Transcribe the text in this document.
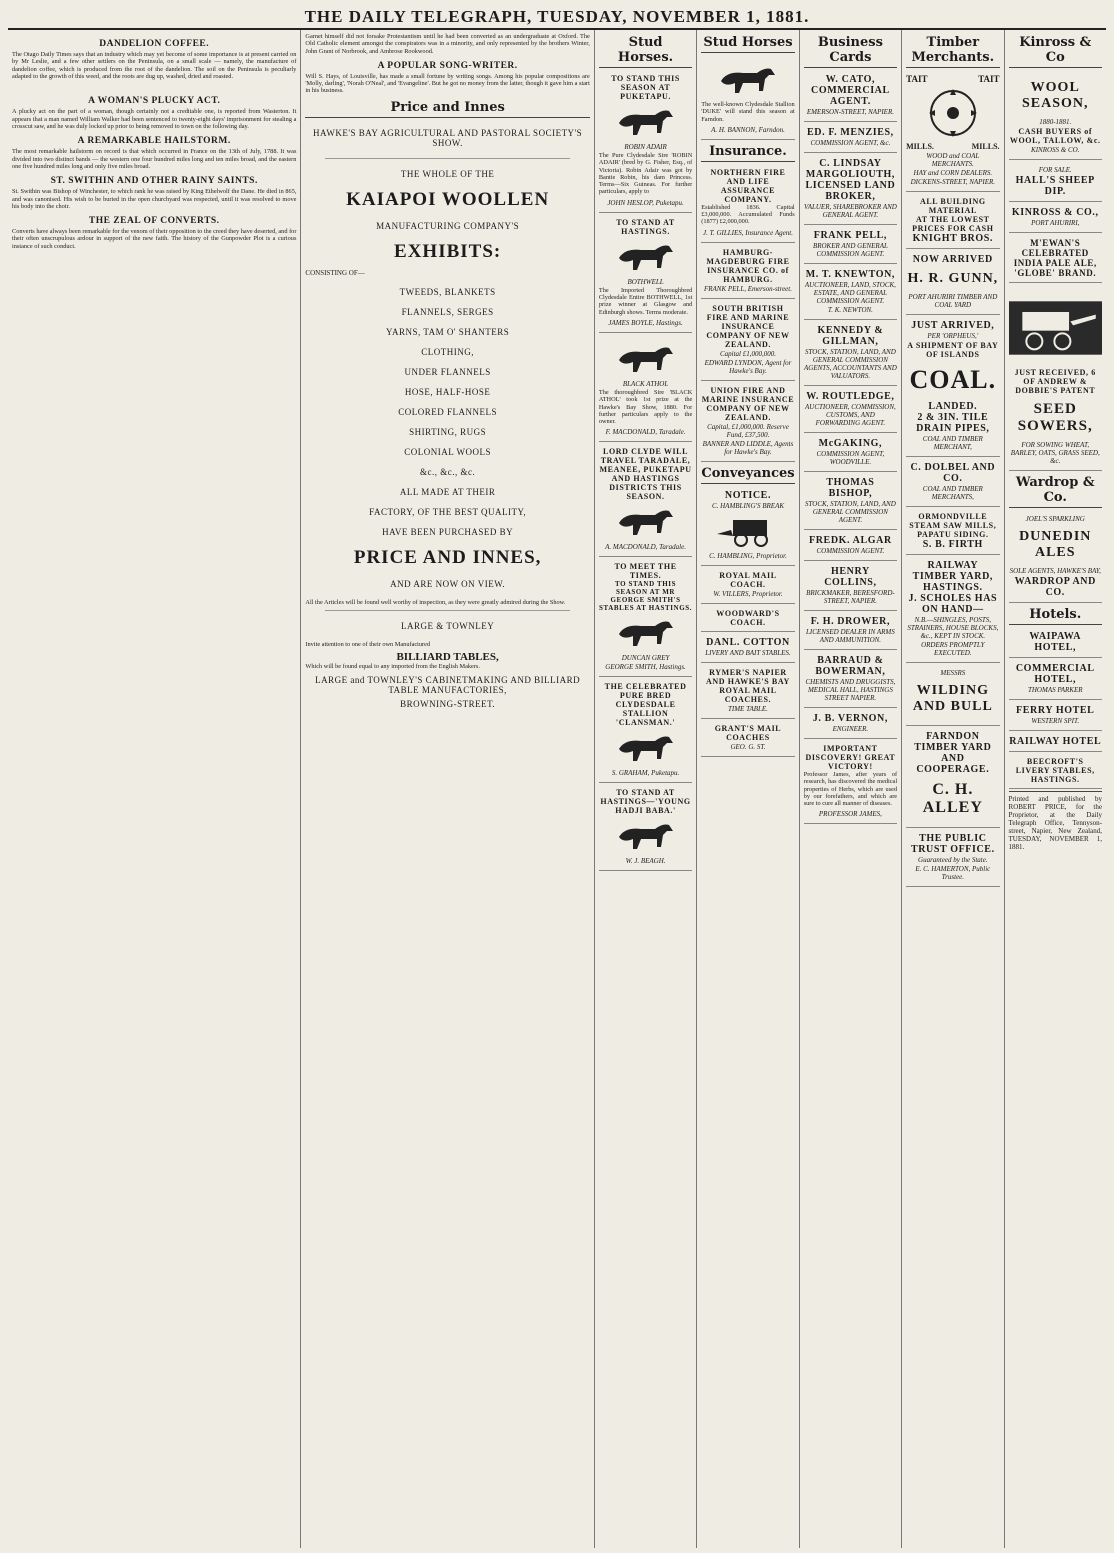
THE DAILY TELEGRAPH, TUESDAY, NOVEMBER 1, 1881.
DANDELION COFFEE.

The Otago Daily Times says that an industry which may yet become of some importance is at present carried on by Mr Leslie, and a few other settlers on the Peninsula, on a small scale — namely, the manufacture of dandelion coffee, which is produced from the root of the dandelion. The soil on the Peninsula is peculiarly adapted to the growth of this weed, and the roots are dug up, washed, dried and roasted.

A WOMAN'S PLUCKY ACT.

A plucky act on the part of a woman, though certainly not a creditable one, is reported from Wasterton. It appears that a man named William Walker had been sentenced to twenty-eight days' imprisonment for stealing a crosscut saw, and he was duly locked up prior to being removed to town on the following day.

A REMARKABLE HAILSTORM.

The most remarkable hailstorm on record is that which occurred in France on the 13th of July, 1788. It was divided into two distinct bands — the western one four hundred miles long and ten miles broad, and the eastern one five hundred miles long and only five miles broad.

ST. SWITHIN AND OTHER RAINY SAINTS.

St. Swithin was Bishop of Winchester, to which rank he was raised by King Ethelwolf the Dane. He died in 865, and was canonised. His wish to be buried in the open churchyard was respected, until it was resolved to move his body into the choir.

THE ZEAL OF CONVERTS.

Converts have always been remarkable for the venom of their opposition to the creed they have deserted, and for their often unscrupulous ardour in support of the new faith. The history of the Gunpowder Plot is a curious instance of such conduct.

Garnet himself did not forsake Protestantism until he had been converted as an undergraduate at Oxford. The Old Catholic element amongst the conspirators was in a minority, and only represented by the brothers Winter, John Grant of Norbrook, and Ambrose Rookwood.

A POPULAR SONG-WRITER.

Will S. Hays, of Louisville, has made a small fortune by writing songs. Among his popular compositions are 'Molly, darling', 'Norah O'Neal', and 'Evangeline'. But he got no money from the latter, though it gave him a start in his business.

Price and Innes
HAWKE'S BAY AGRICULTURAL AND PASTORAL SOCIETY'S SHOW.
THE WHOLE OF THE
KAIAPOI WOOLLEN
MANUFACTURING COMPANY'S
EXHIBITS:
CONSISTING OF—
TWEEDS, BLANKETS
FLANNELS, SERGES
YARNS, TAM O' SHANTERS
CLOTHING,
UNDER FLANNELS
HOSE, HALF-HOSE
COLORED FLANNELS
SHIRTING, RUGS
COLONIAL WOOLS
&c., &c., &c.
ALL MADE AT THEIR
FACTORY, OF THE BEST QUALITY,
HAVE BEEN PURCHASED BY
PRICE AND INNES,
AND ARE NOW ON VIEW.

All the Articles will be found well worthy of inspection, as they were greatly admired during the Show.

LARGE & TOWNLEY

Invite attention to one of their own Manufactured

BILLIARD TABLES,

Which will be found equal to any imported from the English Makers.

LARGE and TOWNLEY'S CABINETMAKING AND BILLIARD TABLE MANUFACTORIES,
BROWNING-STREET.
Stud Horses.
TO STAND THIS SEASON AT PUKETAPU.
ROBIN ADAIR

The Pure Clydesdale Sire 'ROBIN ADAIR' (bred by G. Fisher, Esq., of Victoria). Robin Adair was got by Bantie Robin, his dam Princess. Terms—Six Guineas. For further particulars, apply to

JOHN HESLOP, Puketapu.
TO STAND AT HASTINGS.
BOTHWELL

The Imported Thoroughbred Clydesdale Entire BOTHWELL, 1st prize winner at Glasgow and Edinburgh shows. Terms moderate.

JAMES BOYLE, Hastings.
BLACK ATHOL

The thoroughbred Sire 'BLACK ATHOL' took 1st prize at the Hawke's Bay Show, 1880. For further particulars apply to the owner.

F. MACDONALD, Taradale.
LORD CLYDE WILL TRAVEL TARADALE, MEANEE, PUKETAPU AND HASTINGS DISTRICTS THIS SEASON.
A. MACDONALD, Taradale.
TO MEET THE TIMES.
TO STAND THIS SEASON AT MR GEORGE SMITH'S STABLES AT HASTINGS.
DUNCAN GREY
GEORGE SMITH, Hastings.
THE CELEBRATED PURE BRED CLYDESDALE STALLION 'CLANSMAN.'
S. GRAHAM, Puketapu.
TO STAND AT HASTINGS—'YOUNG HADJI BABA.'
W. J. BEAGH.
Stud Horses

The well-known Clydesdale Stallion 'DUKE' will stand this season at Farndon.

A. H. BANNON, Farndon.
Insurance.
NORTHERN FIRE AND LIFE ASSURANCE COMPANY.

Established 1836. Capital £3,000,000. Accumulated Funds (1877) £2,000,000.

J. T. GILLIES, Insurance Agent.
HAMBURG-MAGDEBURG FIRE INSURANCE CO. of HAMBURG.
FRANK PELL, Emerson-street.
SOUTH BRITISH FIRE AND MARINE INSURANCE COMPANY OF NEW ZEALAND.
Capital £1,000,000.
EDWARD LYNDON, Agent for Hawke's Bay.
UNION FIRE AND MARINE INSURANCE COMPANY OF NEW ZEALAND.
Capital, £1,000,000. Reserve Fund, £37,500.
BANNER AND LIDDLE, Agents for Hawke's Bay.
Conveyances
NOTICE.
C. HAMBLING'S BREAK
C. HAMBLING, Proprietor.
ROYAL MAIL COACH.
W. VILLERS, Proprietor.
WOODWARD'S COACH.
DANL. COTTON
LIVERY AND BAIT STABLES.
RYMER'S NAPIER AND HAWKE'S BAY ROYAL MAIL COACHES.
TIME TABLE.
GRANT'S MAIL COACHES
GEO. G. ST.
Business Cards
W. CATO, COMMERCIAL AGENT.
EMERSON-STREET, NAPIER.
ED. F. MENZIES,
COMMISSION AGENT, &c.
C. LINDSAY MARGOLIOUTH, LICENSED LAND BROKER,
VALUER, SHAREBROKER AND GENERAL AGENT.
FRANK PELL,
BROKER AND GENERAL COMMISSION AGENT.
M. T. KNEWTON,
AUCTIONEER, LAND, STOCK, ESTATE, AND GENERAL COMMISSION AGENT.
T. K. NEWTON.
KENNEDY & GILLMAN,
STOCK, STATION, LAND, AND GENERAL COMMISSION AGENTS, ACCOUNTANTS AND VALUATORS.
W. ROUTLEDGE,
AUCTIONEER, COMMISSION, CUSTOMS, AND FORWARDING AGENT.
McGAKING,
COMMISSION AGENT, WOODVILLE.
THOMAS BISHOP,
STOCK, STATION, LAND, AND GENERAL COMMISSION AGENT.
FREDK. ALGAR
COMMISSION AGENT.
HENRY COLLINS,
BRICKMAKER, BERESFORD-STREET, NAPIER.
F. H. DROWER,
LICENSED DEALER IN ARMS AND AMMUNITION.
BARRAUD & BOWERMAN,
CHEMISTS AND DRUGGISTS, MEDICAL HALL, HASTINGS STREET NAPIER.
J. B. VERNON,
ENGINEER.
IMPORTANT DISCOVERY! GREAT VICTORY!

Professor James, after years of research, has discovered the medical properties of Herbs, which are used by our forefathers, and which are sure to cure all manner of diseases.

PROFESSOR JAMES,
Timber Merchants.
TAIT	TAIT
MILLS.	MILLS.
WOOD and COAL MERCHANTS.
HAY and CORN DEALERS.
DICKENS-STREET, NAPIER.
ALL BUILDING MATERIAL
AT THE LOWEST PRICES FOR CASH
KNIGHT BROS.
NOW ARRIVED
H. R. GUNN,
PORT AHURIRI TIMBER AND COAL YARD
JUST ARRIVED,
PER 'ORPHEUS,'
A SHIPMENT OF BAY OF ISLANDS
COAL.
LANDED.
2 & 3IN. TILE DRAIN PIPES,
COAL AND TIMBER MERCHANT,
C. DOLBEL AND CO.
COAL AND TIMBER MERCHANTS,
ORMONDVILLE STEAM SAW MILLS, PAPATU SIDING.
S. B. FIRTH
RAILWAY TIMBER YARD, HASTINGS.
J. SCHOLES HAS ON HAND—
N.B.—SHINGLES, POSTS, STRAINERS, HOUSE BLOCKS, &c., KEPT IN STOCK.
ORDERS PROMPTLY EXECUTED.
MESSRS
WILDING AND BULL
FARNDON TIMBER YARD AND COOPERAGE.
C. H. ALLEY
THE PUBLIC TRUST OFFICE.
Guaranteed by the State.
E. C. HAMERTON, Public Trustee.
Kinross & Co
WOOL SEASON,
1880-1881.
CASH BUYERS of WOOL, TALLOW, &c.
KINROSS & CO.
FOR SALE.
HALL'S SHEEP DIP.
KINROSS & CO.,
PORT AHURIRI,
M'EWAN'S CELEBRATED INDIA PALE ALE, 'GLOBE' BRAND.
JUST RECEIVED, 6 OF ANDREW & DOBBIE'S PATENT
SEED SOWERS,
FOR SOWING WHEAT, BARLEY, OATS, GRASS SEED, &c.
Wardrop & Co.
JOEL'S SPARKLING
DUNEDIN ALES
SOLE AGENTS, HAWKE'S BAY,
WARDROP AND CO.
Hotels.
WAIPAWA HOTEL,
COMMERCIAL HOTEL,
THOMAS PARKER
FERRY HOTEL
WESTERN SPIT.
RAILWAY HOTEL
BEECROFT'S LIVERY STABLES, HASTINGS.

Printed and published by ROBERT PRICE, for the Proprietor, at the Daily Telegraph Office, Tennyson-street, Napier, New Zealand, TUESDAY, NOVEMBER 1, 1881.
